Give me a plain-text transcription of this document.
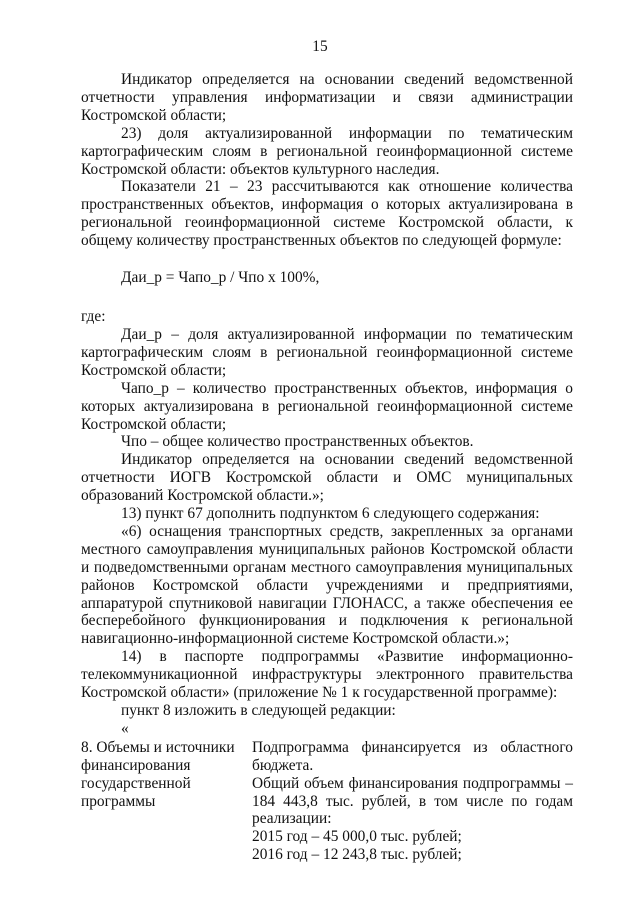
15

Индикатор определяется на основании сведений ведомственной отчетности управления информатизации и связи администрации Костромской области;

23) доля актуализированной информации по тематическим картографическим слоям в региональной геоинформационной системе Костромской области: объектов культурного наследия.

Показатели 21 – 23 рассчитываются как отношение количества пространственных объектов, информация о которых актуализирована в региональной геоинформационной системе Костромской области, к общему количеству пространственных объектов по следующей формуле:

Даи_р = Чапо_р / Чпо х 100%,

где:

Даи_р – доля актуализированной информации по тематическим картографическим слоям в региональной геоинформационной системе Костромской области;

Чапо_р – количество пространственных объектов, информация о которых актуализирована в региональной геоинформационной системе Костромской области;

Чпо – общее количество пространственных объектов.

Индикатор определяется на основании сведений ведомственной отчетности ИОГВ Костромской области и ОМС муниципальных образований Костромской области.»;

13) пункт 67 дополнить подпунктом 6 следующего содержания:

«6) оснащения транспортных средств, закрепленных за органами местного самоуправления муниципальных районов Костромской области и подведомственными органам местного самоуправления муниципальных районов Костромской области учреждениями и предприятиями, аппаратурой спутниковой навигации ГЛОНАСС, а также обеспечения ее бесперебойного функционирования и подключения к региональной навигационно-информационной системе Костромской области.»;

14) в паспорте подпрограммы «Развитие информационно-телекоммуникационной инфраструктуры электронного правительства Костромской области» (приложение № 1 к государственной программе):

пункт 8 изложить в следующей редакции:

«

8. Объемы и источники финансирования государственной программы
Подпрограмма финансируется из областного бюджета.
Общий объем финансирования подпрограммы – 184 443,8 тыс. рублей, в том числе по годам реализации:
2015 год – 45 000,0 тыс. рублей;
2016 год – 12 243,8 тыс. рублей;
